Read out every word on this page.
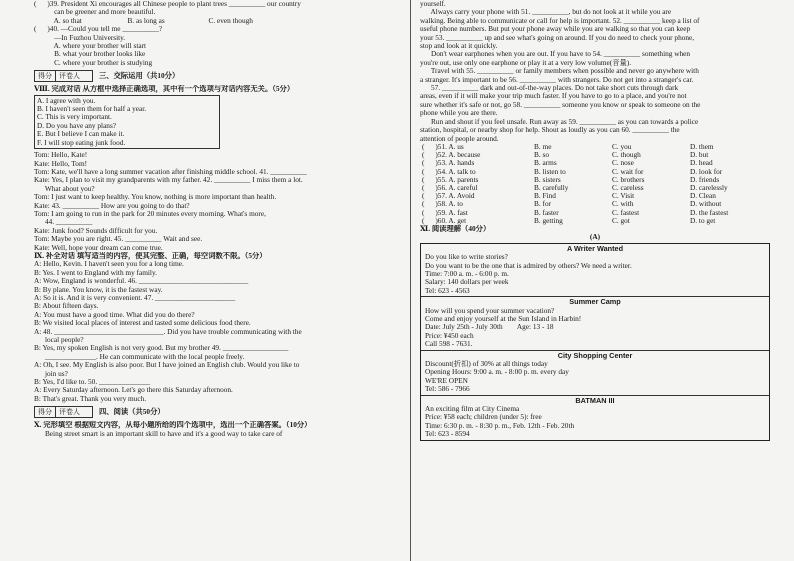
(      )39. President Xi encourages all Chinese people to plant trees __________ our country
can be greener and more beautiful.
A. so that                         B. as long as                        C. even though
(      )40. —Could you tell me __________?
—In Fuzhou University.
A. where your brother will start
B. what your brother looks like
C. where your brother is studying
得分	评卷人	三、交际运用（共10分）
Ⅷ. 完成对话 从方框中选择正确选项，其中有一个选项与对话内容无关。（5分）
A. I agree with you.
B. I haven't seen them for half a year.
C. This is very important.
D. Do you have any plans?
E. But I believe I can make it.
F. I will stop eating junk food.
Tom: Hello, Kate!
Kate: Hello, Tom!
Tom: Kate, we'll have a long summer vacation after finishing middle school. 41. __________
Kate: Yes, I plan to visit my grandparents with my father. 42. __________ I miss them a lot.
What about you?
Tom: I just want to keep healthy. You know, nothing is more important than health.
Kate: 43. __________ How are you going to do that?
Tom: I am going to run in the park for 20 minutes every morning. What's more,
44. __________
Kate: Junk food? Sounds difficult for you.
Tom: Maybe you are right. 45. __________ Wait and see.
Kate: Well, hope your dream can come true.
Ⅸ. 补全对话 填写适当的内容，使其完整、正确，每空词数不限。（5分）
A: Hello, Kevin. I haven't seen you for a long time.
B: Yes. I went to England with my family.
A: Wow, England is wonderful. 46. ______________________________
B: By plane. You know, it is the fastest way.
A: So it is. And it is very convenient. 47. ______________________
B: About fifteen days.
A: You must have a good time. What did you do there?
B: We visited local places of interest and tasted some delicious food there.
A: 48. ______________________________. Did you have trouble communicating with the
local people?
B: Yes, my spoken English is not very good. But my brother 49. __________________
______________. He can communicate with the local people freely.
A: Oh, I see. My English is also poor. But I have joined an English club. Would you like to
join us?
B: Yes, I'd like to. 50. ______________
A: Every Saturday afternoon. Let's go there this Saturday afternoon.
B: That's great. Thank you very much.
得分	评卷人	四、阅读（共50分）
Ⅹ. 完形填空 根据短文内容，从每小题所给的四个选项中，选出一个正确答案。（10分）
Being street smart is an important skill to have and it's a good way to take care of
yourself.
Always carry your phone with 51. __________, but do not look at it while you are
walking. Being able to communicate or call for help is important. 52. __________ keep a list of
useful phone numbers. But put your phone away while you are walking so that you can keep
your 53. __________ up and see what's going on around. If you do need to check your phone,
stop and look at it quickly.
Don't wear earphones when you are out. If you have to 54. __________ something when
you're out, use only one earphone or play it at a very low volume(音量).
Travel with 55. __________ or family members when possible and never go anywhere with
a stranger. It's important to be 56. __________ with strangers. Do not get into a stranger's car.
57. __________ dark and out-of-the-way places. Do not take short cuts through dark
areas, even if it will make your trip much faster. If you have to go to a place, and you're not
sure whether it's safe or not, go 58. __________ someone you know or speak to someone on the
phone while you are there.
Run and shout if you feel unsafe. Run away as 59. __________ as you can towards a police
station, hospital, or nearby shop for help. Shout as loudly as you can 60. __________ the
attention of people around.
(      )51. A. us	B. me	C. you	D. them
(      )52. A. because	B. so	C. though	D. but
(      )53. A. hands	B. arms	C. nose	D. head
(      )54. A. talk to	B. listen to	C. wait for	D. look for
(      )55. A. parents	B. sisters	C. brothers	D. friends
(      )56. A. careful	B. carefully	C. careless	D. carelessly
(      )57. A. Avoid	B. Find	C. Visit	D. Clean
(      )58. A. to	B. for	C. with	D. without
(      )59. A. fast	B. faster	C. fastest	D. the fastest
(      )60. A. get	B. getting	C. got	D. to get
Ⅺ. 阅读理解（40分）
(A)
A Writer Wanted
Do you like to write stories?
Do you want to be the one that is admired by others? We need a writer.
Time: 7:00 a. m. - 6:00 p. m.
Salary: 140 dollars per week
Tel: 623 - 4563
Summer Camp
How will you spend your summer vacation?
Come and enjoy yourself at the Sun Island in Harbin!
Date: July 25th - July 30th        Age: 13 - 18
Price: ¥450 each
Call 598 - 7631.
City Shopping Center
Discount(折扣) of 30% at all things today
Opening Hours: 9:00 a. m. - 8:00 p. m. every day
WE'RE OPEN
Tel: 586 - 7966
BATMAN III
An exciting film at City Cinema
Price: ¥58 each; children (under 5): free
Time: 6:30 p. m. - 8:30 p. m., Feb. 12th - Feb. 20th
Tel: 623 - 8594
